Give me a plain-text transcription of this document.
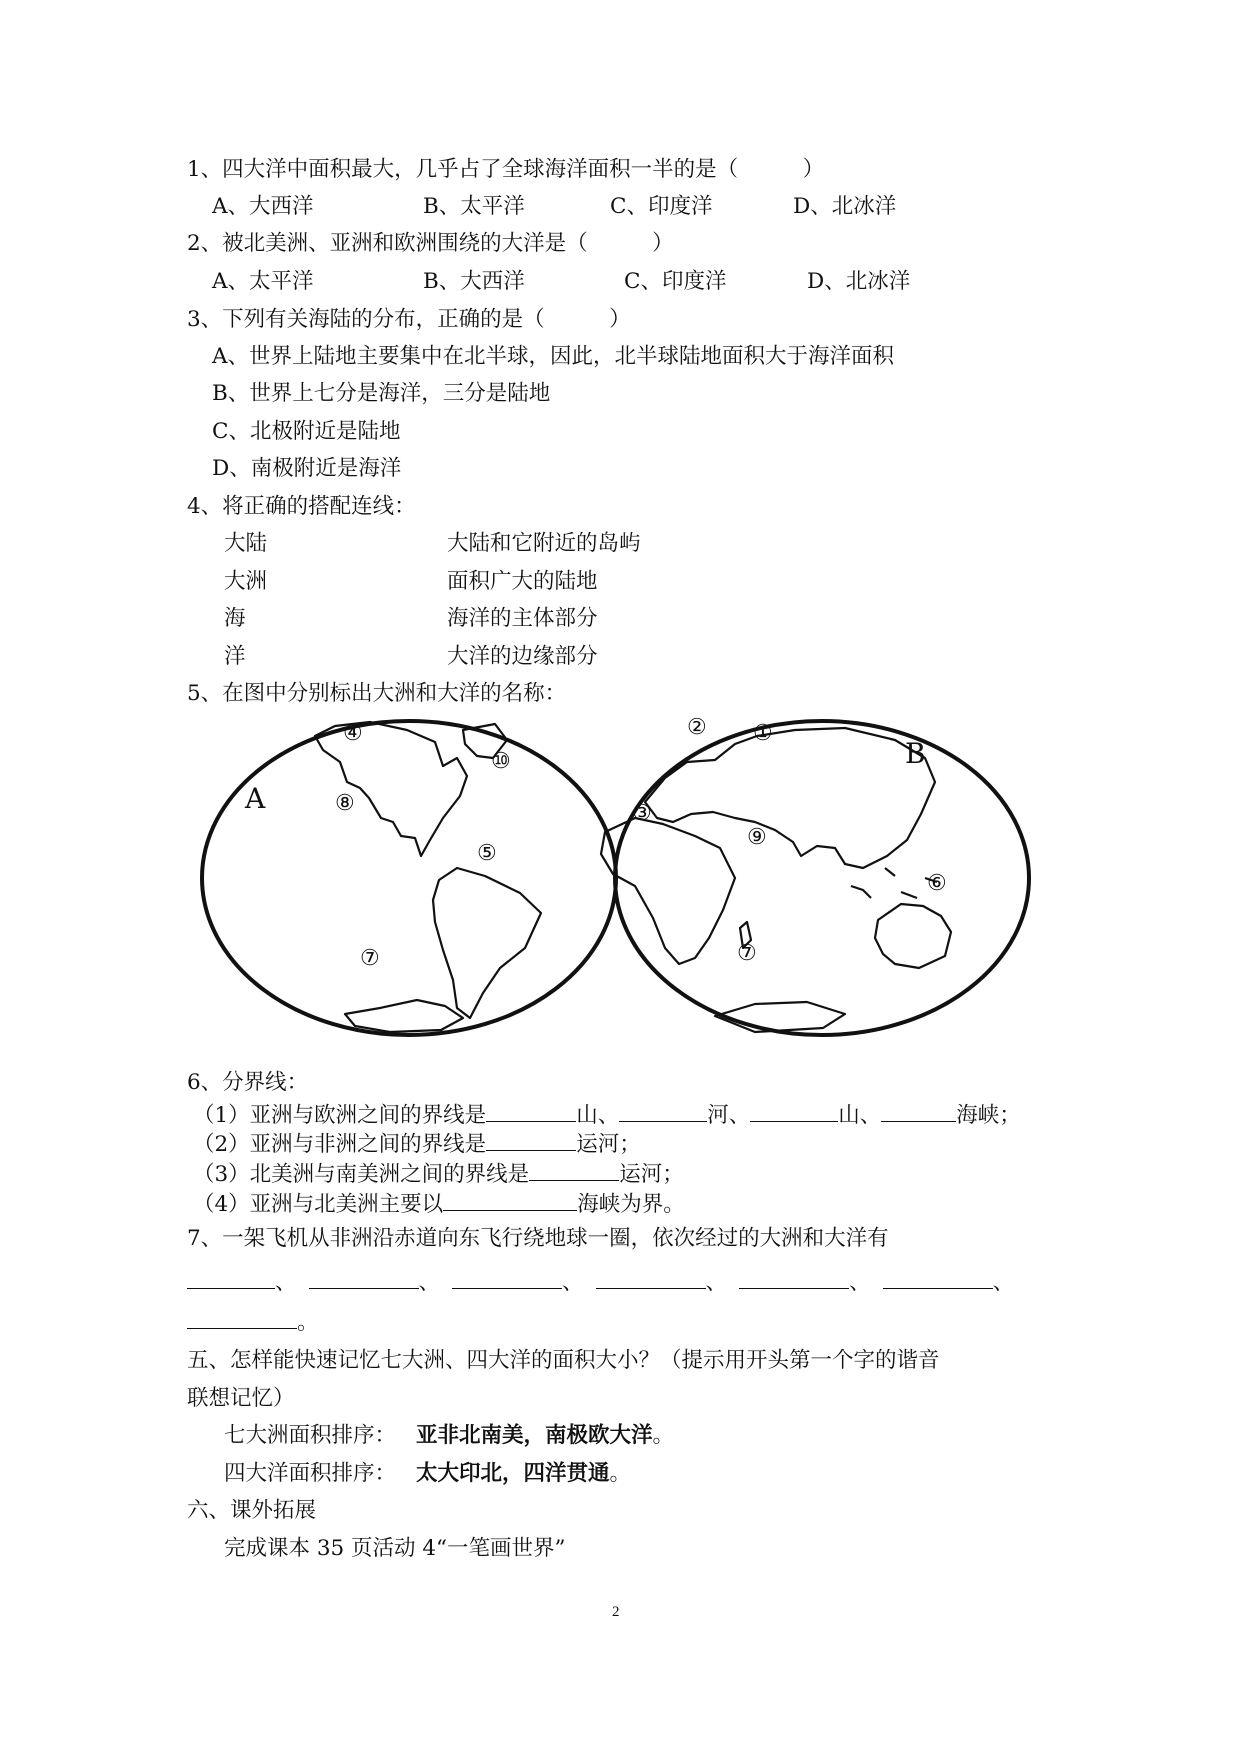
1、四大洋中面积最大，几乎占了全球海洋面积一半的是（　　　）
A、大西洋	B、太平洋	C、印度洋	D、北冰洋
2、被北美洲、亚洲和欧洲围绕的大洋是（　　　）
A、太平洋	B、大西洋	C、印度洋	D、北冰洋
3、下列有关海陆的分布，正确的是（　　　）
A、世界上陆地主要集中在北半球，因此，北半球陆地面积大于海洋面积
B、世界上七分是海洋，三分是陆地
C、北极附近是陆地
D、南极附近是海洋
4、将正确的搭配连线：
大陆	大陆和它附近的岛屿
大洲	面积广大的陆地
海	海洋的主体部分
洋	大洋的边缘部分
5、在图中分别标出大洲和大洋的名称：
A
B
①
②
③
④
⑤
⑥
⑦	⑦
⑧
⑨
⑩
6、分界线：
（1）亚洲与欧洲之间的界线是	山、	河、	山、	海峡；
（2）亚洲与非洲之间的界线是	运河；
（3）北美洲与南美洲之间的界线是	运河；
（4）亚洲与北美洲主要以	海峡为界。
7、一架飞机从非洲沿赤道向东飞行绕地球一圈，依次经过的大洲和大洋有
、	、	、	、	、	、
。
五、怎样能快速记忆七大洲、四大洋的面积大小？（提示用开头第一个字的谐音
联想记忆）
七大洲面积排序： 亚非北南美，南极欧大洋。
四大洋面积排序： 太大印北，四洋贯通。
六、课外拓展
完成课本 35 页活动 4“一笔画世界”
2
